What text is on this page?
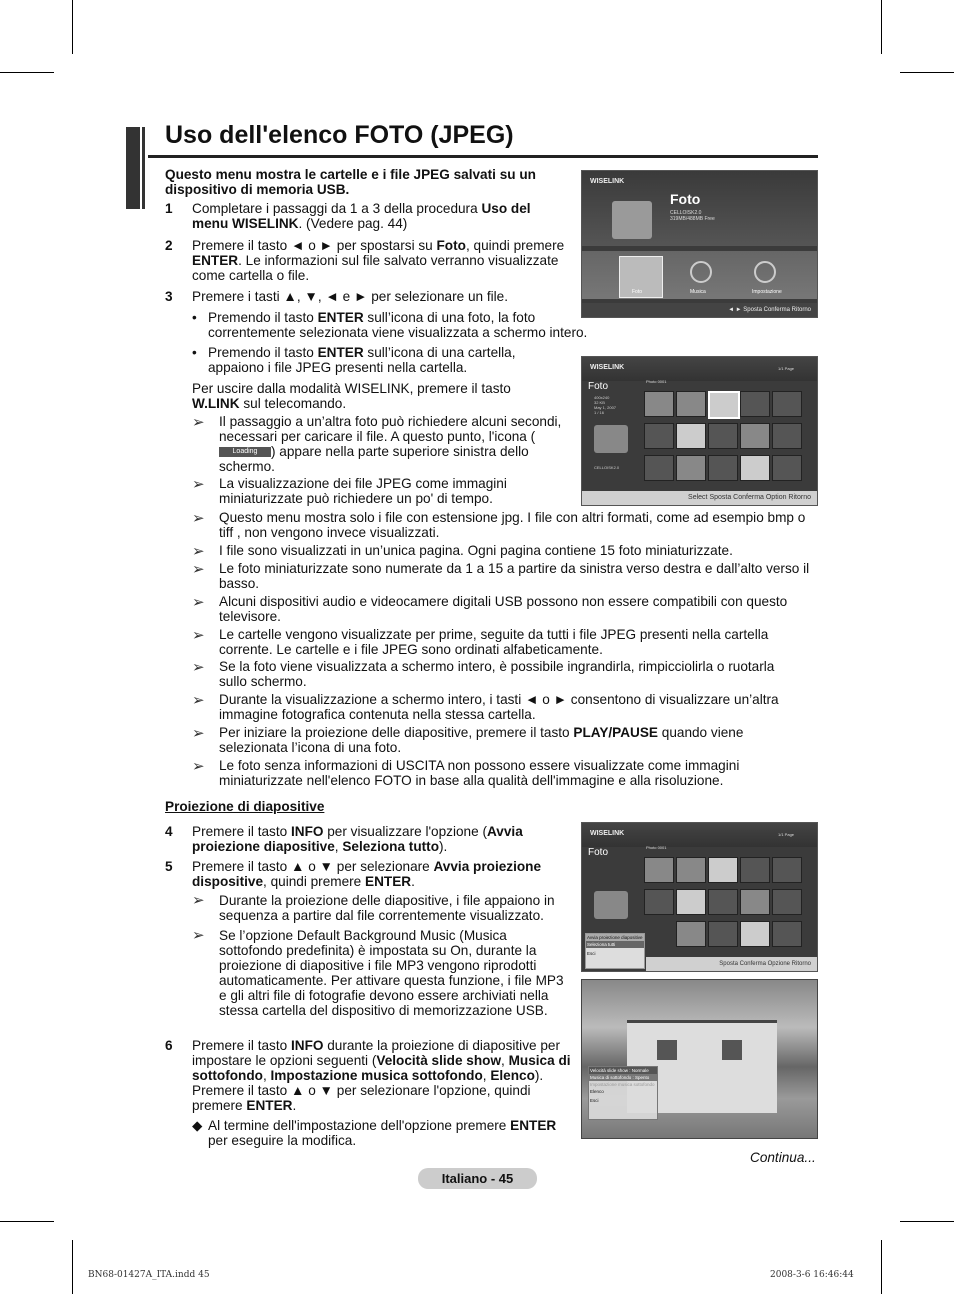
Uso dell'elenco FOTO (JPEG)
Questo menu mostra le cartelle e i file JPEG salvati su un dispositivo di memoria USB.
1 Completare i passaggi da 1 a 3 della procedura Uso del menu WISELINK. (Vedere pag. 44)
2 Premere il tasto ◄ o ► per spostarsi su Foto, quindi premere ENTER. Le informazioni sul file salvato verranno visualizzate come cartella o file.
3 Premere i tasti ▲, ▼, ◄ e ► per selezionare un file.
• Premendo il tasto ENTER sull’icona di una foto, la foto correntemente selezionata viene visualizzata a schermo intero.
• Premendo il tasto ENTER sull’icona di una cartella, appaiono i file JPEG presenti nella cartella.
Per uscire dalla modalità WISELINK, premere il tasto W.LINK sul telecomando.
➢ Il passaggio a un’altra foto può richiedere alcuni secondi, necessari per caricare il file. A questo punto, l'icona (Loading ) appare nella parte superiore sinistra dello schermo.
➢ La visualizzazione dei file JPEG come immagini miniaturizzate può richiedere un po' di tempo.
➢ Questo menu mostra solo i file con estensione jpg. I file con altri formati, come ad esempio bmp o tiff , non vengono invece visualizzati.
➢ I file sono visualizzati in un’unica pagina. Ogni pagina contiene 15 foto miniaturizzate.
➢ Le foto miniaturizzate sono numerate da 1 a 15 a partire da sinistra verso destra e dall’alto verso il basso.
➢ Alcuni dispositivi audio e videocamere digitali USB possono non essere compatibili con questo televisore.
➢ Le cartelle vengono visualizzate per prime, seguite da tutti i file JPEG presenti nella cartella corrente. Le cartelle e i file JPEG sono ordinati alfabeticamente.
➢ Se la foto viene visualizzata a schermo intero, è possibile ingrandirla, rimpicciolirla o ruotarla sullo schermo.
➢ Durante la visualizzazione a schermo intero, i tasti ◄ o ► consentono di visualizzare un’altra immagine fotografica contenuta nella stessa cartella.
➢ Per iniziare la proiezione delle diapositive, premere il tasto PLAY/PAUSE quando viene selezionata l’icona di una foto.
➢ Le foto senza informazioni di USCITA non possono essere visualizzate come immagini miniaturizzate nell'elenco FOTO in base alla qualità dell'immagine e alla risoluzione.
Proiezione di diapositive
4 Premere il tasto INFO per visualizzare l'opzione (Avvia proiezione diapositive, Seleziona tutto).
5 Premere il tasto ▲ o ▼ per selezionare Avvia proiezione dispositive, quindi premere ENTER.
➢ Durante la proiezione delle diapositive, i file appaiono in sequenza a partire dal file correntemente visualizzato.
➢ Se l’opzione Default Background Music (Musica sottofondo predefinita) è impostata su On, durante la proiezione di diapositive i file MP3 vengono riprodotti automaticamente. Per attivare questa funzione, i file MP3 e gli altri file di fotografie devono essere archiviati nella stessa cartella del dispositivo di memorizzazione USB.
6 Premere il tasto INFO durante la proiezione di diapositive per impostare le opzioni seguenti (Velocità slide show, Musica di sottofondo, Impostazione musica sottofondo, Elenco). Premere il tasto ▲ o ▼ per selezionare l'opzione, quindi premere ENTER.
◆ Al termine dell'impostazione dell'opzione premere ENTER per eseguire la modifica.
Continua...
Italiano - 45
BN68-01427A_ITA.indd 45	2008-3-6 16:46:44
WISELINK
Foto
CELLOISK2.0
319MB/488MB Free
Foto	Musica	Impostazione
◄ ► Sposta Conferma Ritorno
WISELINK	1/1 Page
Foto
400x240
32 KB
May 1, 2007
1 / 16
CELLOISK2.0
Photo 0001
Select Sposta Conferma Option Ritorno
WISELINK	1/1 Page
Foto	Photo 0001
Avvia proiezione diapositive
Seleziona tutti
Esci
Sposta Conferma Opzione Ritorno
Velocità slide show : Normale
Musica di sottofondo : Spento
Impostazione musica sottofondo
Elenco
Esci
